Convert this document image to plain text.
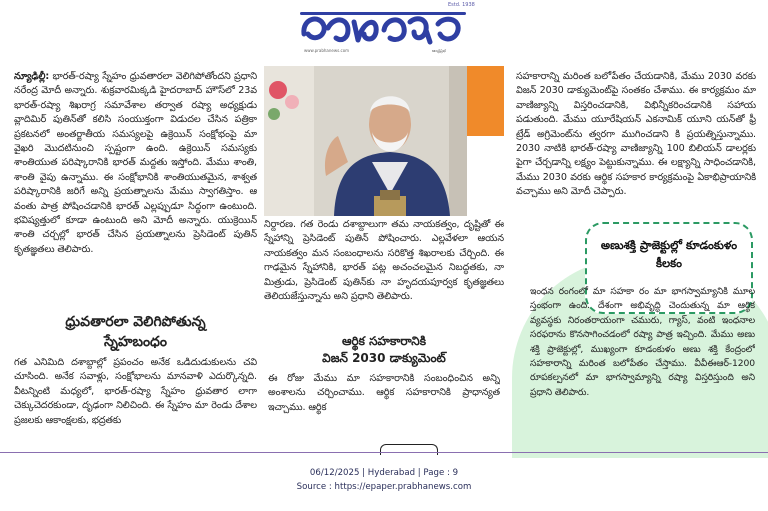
Estd. 1938
www.prabhanews.com	ఆంధ్రప్రభ

న్యూఢిల్లీ: భారత్-రష్యా స్నేహం ధ్రువతారలా వెలిగిపోతోందని ప్రధాని నరేంద్ర మోదీ అన్నారు. శుక్రవారమిక్కడి హైదరాబాద్ హౌస్‌లో 23వ భారత్-రష్యా శిఖరాగ్ర సమావేశాల తర్వాత రష్యా అధ్యక్షుడు వ్లాదిమిర్ పుతిన్‌తో కలిసి సంయుక్తంగా విడుదల చేసిన పత్రికా ప్రకటనలో అంతర్జాతీయ సమస్యలపై ఉక్రెయిన్ సంక్షోభంపై మా వైఖరి మొదటినుంచి స్పష్టంగా ఉంది. ఉక్రెయిన్ సమస్యకు శాంతియుత పరిష్కారానికి భారత్ మద్దతు ఇస్తోంది. మేము శాంతి, శాంతి వైపు ఉన్నాము. ఈ సంక్షోభానికి శాంతియుతమైన, శాశ్వత పరిష్కారానికి జరిగే అన్ని ప్రయత్నాలను మేము స్వాగతిస్తాం. ఆ వంతు పాత్ర పోషించడానికి భారత్ ఎల్లప్పుడూ సిద్ధంగా ఉంటుంది. భవిష్యత్తులో కూడా ఉంటుంది అని మోదీ అన్నారు. యుక్రెయిన్ శాంతి చర్చల్లో భారత్ చేసిన ప్రయత్నాలను ప్రెసిడెంట్ పుతిన్ కృతజ్ఞతలు తెలిపారు.

ధ్రువతారలా వెలిగిపోతున్న
స్నేహబంధం

గత ఎనిమిది దశాబ్దాల్లో ప్రపంచం అనేక ఒడిదుడుకులను చవి చూసింది. అనేక సవాళ్లు, సంక్షోభాలను మానవాళి ఎదుర్కొన్నది. వీటన్నింటి మధ్యలో, భారత్-రష్యా స్నేహం ధ్రువతార లాగా చెక్కుచెదరకుండా, దృఢంగా నిలిచింది. ఈ స్నేహం మా రెండు దేశాల ప్రజలకు ఆకాంక్షలకు, భద్రతకు

నిర్దారణ. గత రెండు దశాబ్దాలుగా తమ నాయకత్వం, దృష్టితో ఈ స్నేహాన్ని ప్రెసిడెంట్ పుతిన్ పోషించారు. ఎల్లవేళలా ఆయన నాయకత్వం మన సంబంధాలను సరికొత్త శిఖరాలకు చేర్చింది. ఈ గాఢమైన స్నేహానికి, భారత్ పట్ల అచంచలమైన నిబద్ధతకు, నా మిత్రుడు, ప్రెసిడెంట్ పుతిన్‌కు నా హృదయపూర్వక కృతజ్ఞతలు తెలియజేస్తున్నాను అని ప్రధాని తెలిపారు.

ఆర్థిక సహకారానికి
విజన్ 2030 డాక్యుమెంట్

ఈ రోజు మేము మా సహకారానికి సంబంధించిన అన్ని అంశాలను చర్చించాము. ఆర్థిక సహకారానికి ప్రాధాన్యత ఇచ్చాము. ఆర్థిక

సహకారాన్ని మరింత బలోపేతం చేయడానికి, మేము 2030 వరకు విజన్ 2030 డాక్యుమెంట్‌పై సంతకం చేశాము. ఈ కార్యక్రమం మా వాణిజ్యాన్ని విస్తరించడానికి, విభిన్నీకరించడానికి సహాయ పడుతుంది. మేము యూరేషియన్ ఎకనామిక్ యూని యన్‌తో ఫ్రీ ట్రేడ్ అగ్రిమెంట్‌ను త్వరగా ముగించడాని కి ప్రయత్నిస్తున్నాము. 2030 నాటికి భారత్-రష్యా వాణిజ్యాన్ని 100 బిలియన్ డాలర్లకు పైగా చేర్చడాన్ని లక్ష్యం పెట్టుకున్నాము. ఈ లక్ష్యాన్ని సాధించడానికి, మేము 2030 వరకు ఆర్థిక సహకార కార్యక్రమంపై ఏకాభిప్రాయానికి వచ్చాము అని మోదీ చెప్పారు.

అణుశక్తి ప్రాజెక్టుల్లో కూడంకుళం కీలకం

ఇంధన రంగంలో మా సహకా రం మా భాగస్వామ్యానికి మూల స్తంభంగా ఉంది. దేశంగా అభివృద్ధి చెందుతున్న మా ఆర్థిక వ్యవస్థకు నిరంతరాయంగా చమురు, గ్యాస్, వంటి ఇంధనాల సరఫరాను కొనసాగించడంలో రష్యా పాత్ర ఇచ్చింది. మేము అణు శక్తి ప్రాజెక్టుల్లో, ముఖ్యంగా కూడంకుళం అణు శక్తి కేంద్రంలో సహకారాన్ని మరింత బలోపేతం చేస్తాము. వీవీఈఆర్-1200 రూపకల్పనలో మా భాగస్వామ్యాన్ని రష్యా విస్తరిస్తుంది అని ప్రధాని తెలిపారు.

06/12/2025 | Hyderabad | Page : 9
Source : https://epaper.prabhanews.com
